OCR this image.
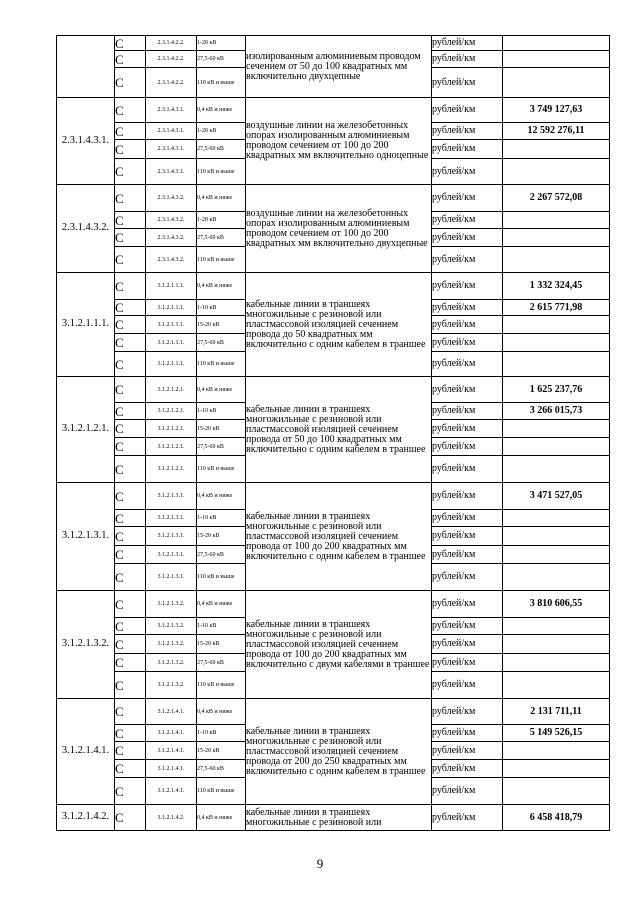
	С	2.3.1.4.2.2.	1-20 кВ	изолированным алюминиевым проводом сечением от 50 до 100 квадратных мм включительно двухцепные	рублей/км		
	С	2.3.1.4.2.2.	27,5-60 кВ		рублей/км		
	С	2.3.1.4.2.2.	110 кВ и выше		рублей/км		
2.3.1.4.3.1.	С	2.3.1.4.3.1.	0,4 кВ и ниже	воздушные линии на железобетонных опорах изолированным алюминиевым проводом сечением от 100 до 200 квадратных мм включительно одноцепные	рублей/км	3 749 127,63	
	С	2.3.1.4.3.1.	1-20 кВ		рублей/км	12 592 276,11	
	С	2.3.1.4.3.1.	27,5-60 кВ		рублей/км		
	С	2.3.1.4.3.1.	110 кВ и выше		рублей/км		
2.3.1.4.3.2.	С	2.3.1.4.3.2.	0,4 кВ и ниже	воздушные линии на железобетонных опорах изолированным алюминиевым проводом сечением от 100 до 200 квадратных мм включительно двухцепные	рублей/км	2 267 572,08	
	С	2.3.1.4.3.2.	1-20 кВ		рублей/км		
	С	2.3.1.4.3.2.	27,5-60 кВ		рублей/км		
	С	2.3.1.4.3.2.	110 кВ и выше		рублей/км		
3.1.2.1.1.1.	С	3.1.2.1.1.1.	0,4 кВ и ниже	кабельные линии в траншеях многожильные с резиновой или пластмассовой изоляцией сечением провода до 50 квадратных мм включительно с одним кабелем в траншее	рублей/км	1 332 324,45	
	С	3.1.2.1.1.1.	1-10 кВ		рублей/км	2 615 771,98	
	С	3.1.2.1.1.1.	15-20 кВ		рублей/км		
	С	3.1.2.1.1.1.	27,5-60 кВ		рублей/км		
	С	3.1.2.1.1.1.	110 кВ и выше		рублей/км		
3.1.2.1.2.1.	С	3.1.2.1.2.1.	0,4 кВ и ниже	кабельные линии в траншеях многожильные с резиновой или пластмассовой изоляцией сечением провода от 50 до 100 квадратных мм включительно с одним кабелем в траншее	рублей/км	1 625 237,76	
	С	3.1.2.1.2.1.	1-10 кВ		рублей/км	3 266 015,73	
	С	3.1.2.1.2.1.	15-20 кВ		рублей/км		
	С	3.1.2.1.2.1.	27,5-60 кВ		рублей/км		
	С	3.1.2.1.2.1.	110 кВ и выше		рублей/км		
3.1.2.1.3.1.	С	3.1.2.1.3.1.	0,4 кВ и ниже	кабельные линии в траншеях многожильные с резиновой или пластмассовой изоляцией сечением провода от 100 до 200 квадратных мм включительно с одним кабелем в траншее	рублей/км	3 471 527,05	
	С	3.1.2.1.3.1.	1-10 кВ		рублей/км		
	С	3.1.2.1.3.1.	15-20 кВ		рублей/км		
	С	3.1.2.1.3.1.	27,5-60 кВ		рублей/км		
	С	3.1.2.1.3.1.	110 кВ и выше		рублей/км		
3.1.2.1.3.2.	С	3.1.2.1.3.2.	0,4 кВ и ниже	кабельные линии в траншеях многожильные с резиновой или пластмассовой изоляцией сечением провода от 100 до 200 квадратных мм включительно с двумя кабелями в траншее	рублей/км	3 810 606,55	
	С	3.1.2.1.3.2.	1-10 кВ		рублей/км		
	С	3.1.2.1.3.2.	15-20 кВ		рублей/км		
	С	3.1.2.1.3.2.	27,5-60 кВ		рублей/км		
	С	3.1.2.1.3.2.	110 кВ и выше		рублей/км		
3.1.2.1.4.1.	С	3.1.2.1.4.1.	0,4 кВ и ниже	кабельные линии в траншеях многожильные с резиновой или пластмассовой изоляцией сечением провода от 200 до 250 квадратных мм включительно с одним кабелем в траншее	рублей/км	2 131 711,11	
	С	3.1.2.1.4.1.	1-10 кВ		рублей/км	5 149 526,15	
	С	3.1.2.1.4.1.	15-20 кВ		рублей/км		
	С	3.1.2.1.4.1.	27,5-60 кВ		рублей/км		
	С	3.1.2.1.4.1.	110 кВ и выше		рублей/км		
3.1.2.1.4.2.	С	3.1.2.1.4.2.	0,4 кВ и ниже	кабельные линии в траншеях многожильные с резиновой или	рублей/км	6 458 418,79	
9
